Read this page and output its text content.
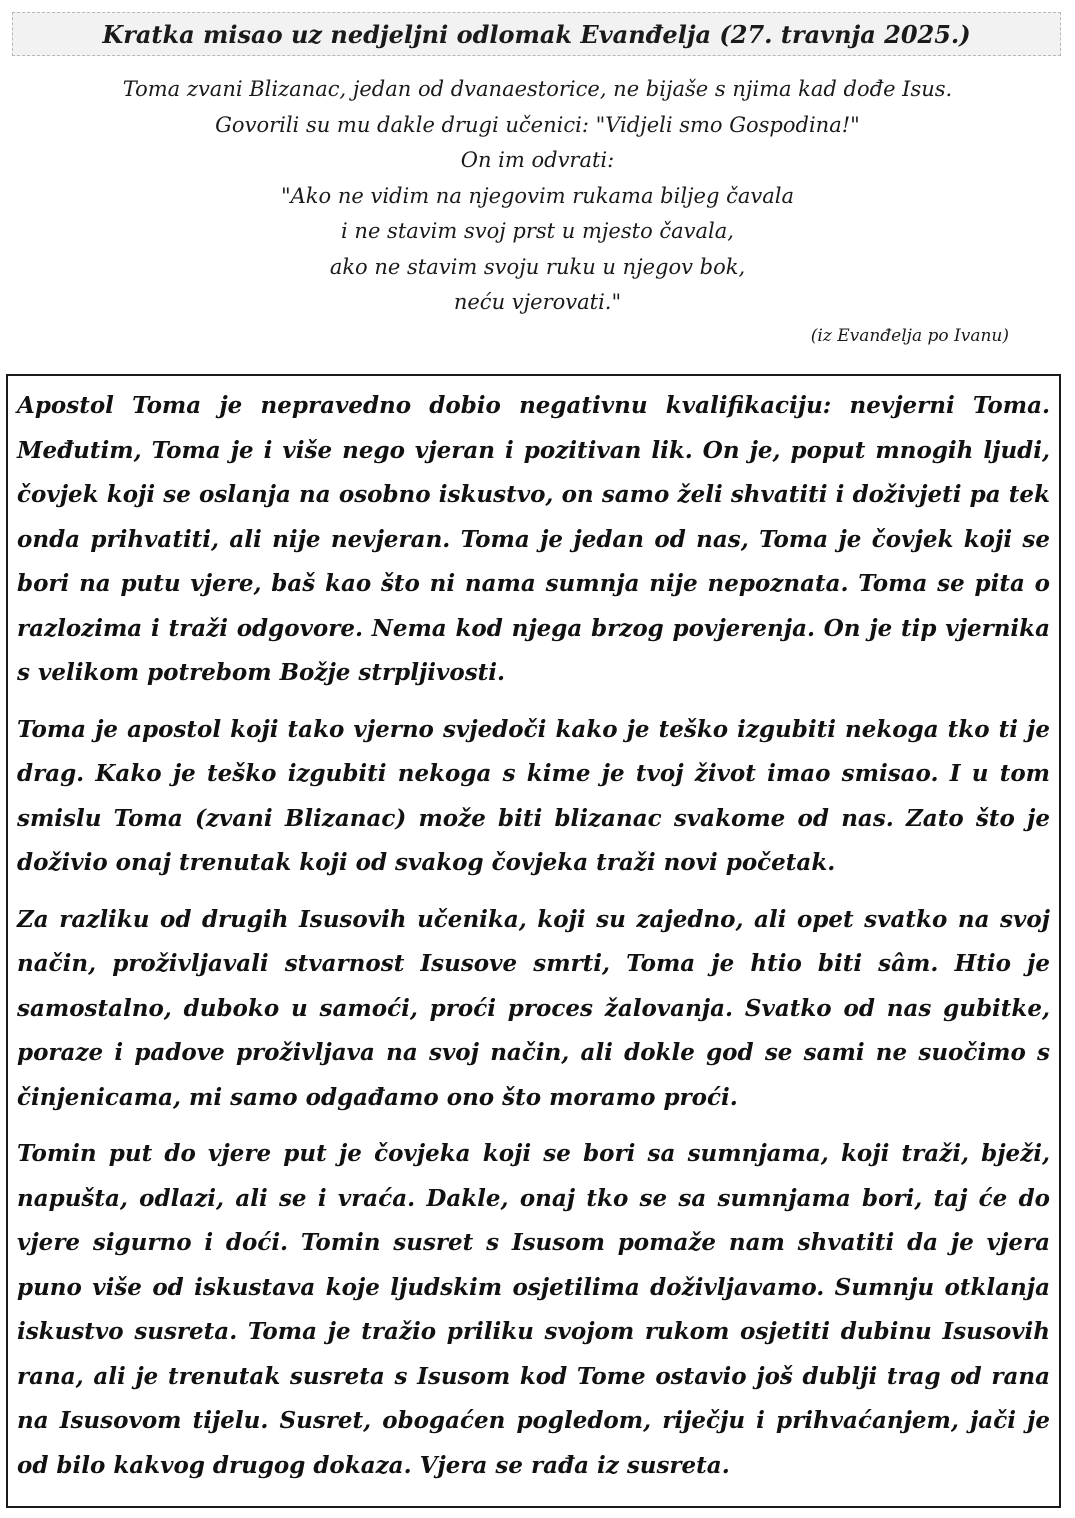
Kratka misao uz nedjeljni odlomak Evanđelja (27. travnja 2025.)
Toma zvani Blizanac, jedan od dvanaestorice, ne bijaše s njima kad dođe Isus.
Govorili su mu dakle drugi učenici: "Vidjeli smo Gospodina!"
On im odvrati:
"Ako ne vidim na njegovim rukama biljeg čavala
i ne stavim svoj prst u mjesto čavala,
ako ne stavim svoju ruku u njegov bok,
neću vjerovati."
(iz Evanđelja po Ivanu)

Apostol Toma je nepravedno dobio negativnu kvalifikaciju: nevjerni Toma. Međutim, Toma je i više nego vjeran i pozitivan lik. On je, poput mnogih ljudi, čovjek koji se oslanja na osobno iskustvo, on samo želi shvatiti i doživjeti pa tek onda prihvatiti, ali nije nevjeran. Toma je jedan od nas, Toma je čovjek koji se bori na putu vjere, baš kao što ni nama sumnja nije nepoznata. Toma se pita o razlozima i traži odgovore. Nema kod njega brzog povjerenja. On je tip vjernika s velikom potrebom Božje strpljivosti.

Toma je apostol koji tako vjerno svjedoči kako je teško izgubiti nekoga tko ti je drag. Kako je teško izgubiti nekoga s kime je tvoj život imao smisao. I u tom smislu Toma (zvani Blizanac) može biti blizanac svakome od nas. Zato što je doživio onaj trenutak koji od svakog čovjeka traži novi početak.

Za razliku od drugih Isusovih učenika, koji su zajedno, ali opet svatko na svoj način, proživljavali stvarnost Isusove smrti, Toma je htio biti sâm. Htio je samostalno, duboko u samoći, proći proces žalovanja. Svatko od nas gubitke, poraze i padove proživljava na svoj način, ali dokle god se sami ne suočimo s činjenicama, mi samo odgađamo ono što moramo proći.

Tomin put do vjere put je čovjeka koji se bori sa sumnjama, koji traži, bježi, napušta, odlazi, ali se i vraća. Dakle, onaj tko se sa sumnjama bori, taj će do vjere sigurno i doći. Tomin susret s Isusom pomaže nam shvatiti da je vjera puno više od iskustava koje ljudskim osjetilima doživljavamo. Sumnju otklanja iskustvo susreta. Toma je tražio priliku svojom rukom osjetiti dubinu Isusovih rana, ali je trenutak susreta s Isusom kod Tome ostavio još dublji trag od rana na Isusovom tijelu. Susret, obogaćen pogledom, riječju i prihvaćanjem, jači je od bilo kakvog drugog dokaza. Vjera se rađa iz susreta.
